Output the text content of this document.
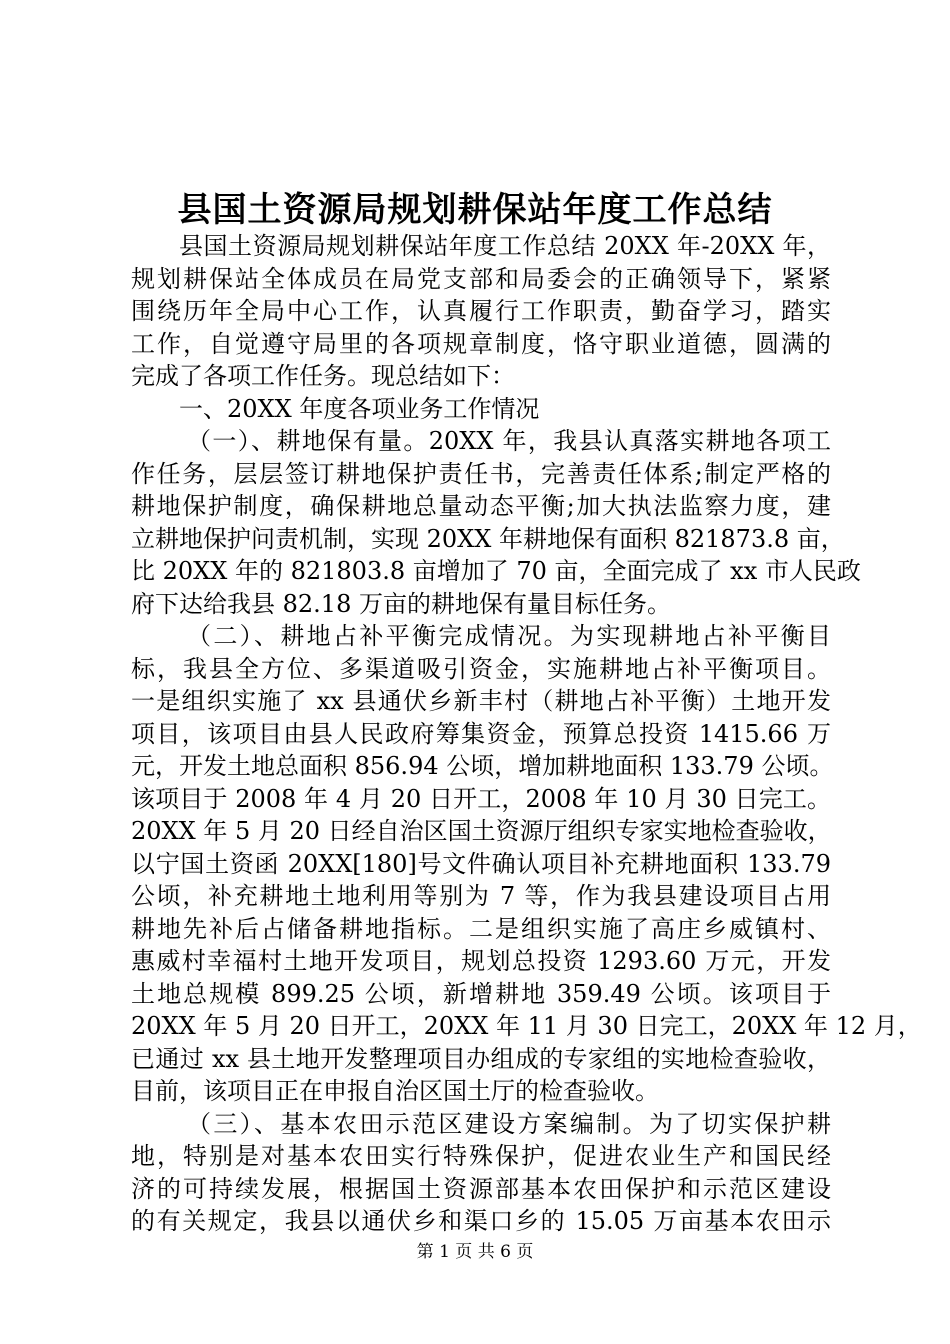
县国土资源局规划耕保站年度工作总结
县国土资源局规划耕保站年度工作总结 20XX 年-20XX 年，
规划耕保站全体成员在局党支部和局委会的正确领导下，紧紧
围绕历年全局中心工作，认真履行工作职责，勤奋学习，踏实
工作，自觉遵守局里的各项规章制度，恪守职业道德，圆满的
完成了各项工作任务。现总结如下：
一、20XX 年度各项业务工作情况
（一）、耕地保有量。20XX 年，我县认真落实耕地各项工
作任务，层层签订耕地保护责任书，完善责任体系;制定严格的
耕地保护制度，确保耕地总量动态平衡;加大执法监察力度，建
立耕地保护问责机制，实现 20XX 年耕地保有面积 821873.8 亩，
比 20XX 年的 821803.8 亩增加了 70 亩，全面完成了 xx 市人民政
府下达给我县 82.18 万亩的耕地保有量目标任务。
（二）、耕地占补平衡完成情况。为实现耕地占补平衡目
标，我县全方位、多渠道吸引资金，实施耕地占补平衡项目。
一是组织实施了 xx 县通伏乡新丰村（耕地占补平衡）土地开发
项目，该项目由县人民政府筹集资金，预算总投资 1415.66 万
元，开发土地总面积 856.94 公顷，增加耕地面积 133.79 公顷。
该项目于 2008 年 4 月 20 日开工，2008 年 10 月 30 日完工。
20XX 年 5 月 20 日经自治区国土资源厅组织专家实地检查验收，
以宁国土资函 20XX[180]号文件确认项目补充耕地面积 133.79
公顷，补充耕地土地利用等别为 7 等，作为我县建设项目占用
耕地先补后占储备耕地指标。二是组织实施了高庄乡威镇村、
惠威村幸福村土地开发项目，规划总投资 1293.60 万元，开发
土地总规模 899.25 公顷，新增耕地 359.49 公顷。该项目于
20XX 年 5 月 20 日开工，20XX 年 11 月 30 日完工，20XX 年 12 月，
已通过 xx 县土地开发整理项目办组成的专家组的实地检查验收，
目前，该项目正在申报自治区国土厅的检查验收。
（三）、基本农田示范区建设方案编制。为了切实保护耕
地，特别是对基本农田实行特殊保护，促进农业生产和国民经
济的可持续发展，根据国土资源部基本农田保护和示范区建设
的有关规定，我县以通伏乡和渠口乡的 15.05 万亩基本农田示
第 1 页 共 6 页
